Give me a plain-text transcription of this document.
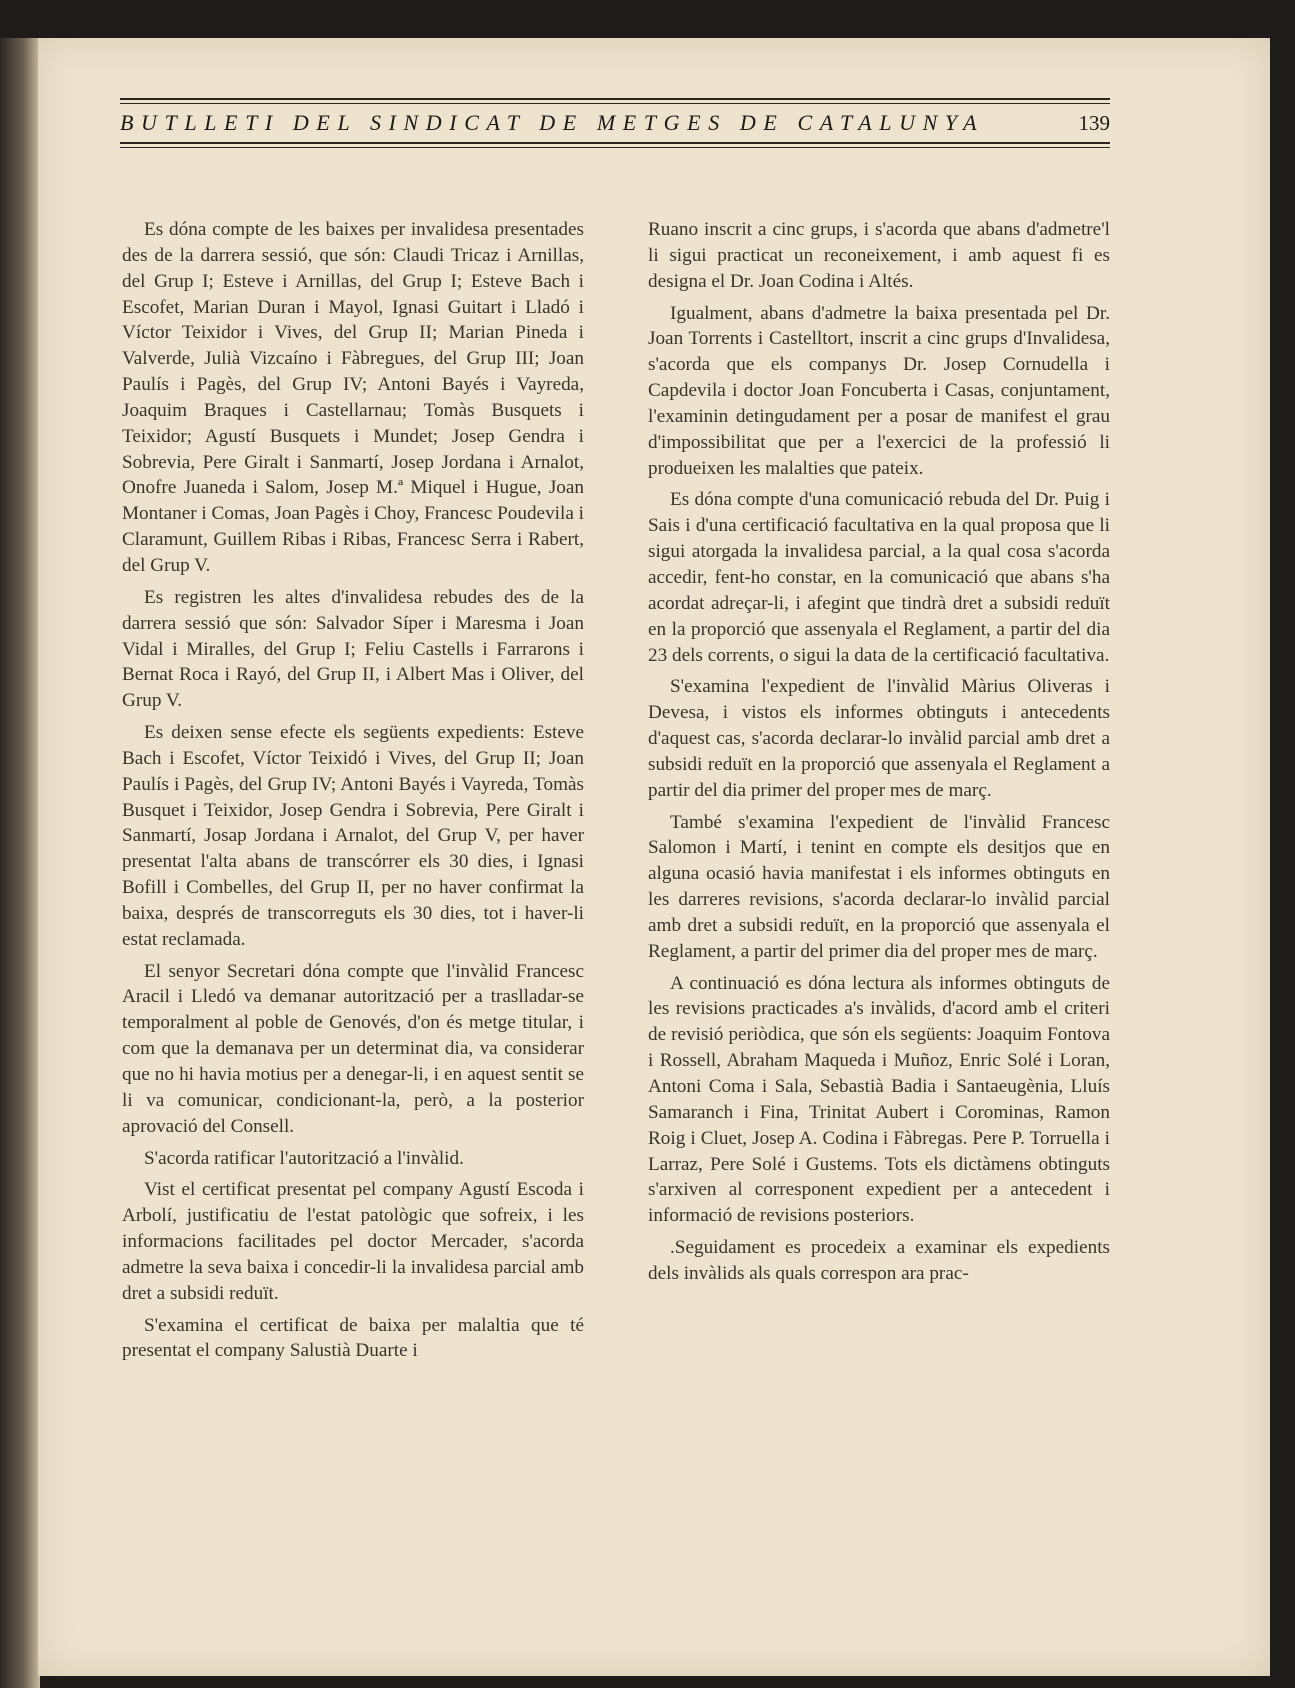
BUTLLETI DEL SINDICAT DE METGES DE CATALUNYA	139

Es dóna compte de les baixes per invalidesa presentades des de la darrera sessió, que són: Claudi Tricaz i Arnillas, del Grup I; Esteve i Arnillas, del Grup I; Esteve Bach i Escofet, Marian Duran i Mayol, Ignasi Guitart i Lladó i Víctor Teixidor i Vives, del Grup II; Marian Pineda i Valverde, Julià Vizcaíno i Fàbregues, del Grup III; Joan Paulís i Pagès, del Grup IV; Antoni Bayés i Vayreda, Joaquim Braques i Castellarnau; Tomàs Busquets i Teixidor; Agustí Busquets i Mundet; Josep Gendra i Sobrevia, Pere Giralt i Sanmartí, Josep Jordana i Arnalot, Onofre Juaneda i Salom, Josep M.ª Miquel i Hugue, Joan Montaner i Comas, Joan Pagès i Choy, Francesc Poudevila i Claramunt, Guillem Ribas i Ribas, Francesc Serra i Rabert, del Grup V.

Es registren les altes d'invalidesa rebudes des de la darrera sessió que són: Salvador Síper i Maresma i Joan Vidal i Miralles, del Grup I; Feliu Castells i Farrarons i Bernat Roca i Rayó, del Grup II, i Albert Mas i Oliver, del Grup V.

Es deixen sense efecte els següents expedients: Esteve Bach i Escofet, Víctor Teixidó i Vives, del Grup II; Joan Paulís i Pagès, del Grup IV; Antoni Bayés i Vayreda, Tomàs Busquet i Teixidor, Josep Gendra i Sobrevia, Pere Giralt i Sanmartí, Josap Jordana i Arnalot, del Grup V, per haver presentat l'alta abans de transcórrer els 30 dies, i Ignasi Bofill i Combelles, del Grup II, per no haver confirmat la baixa, després de transcorreguts els 30 dies, tot i haver-li estat reclamada.

El senyor Secretari dóna compte que l'invàlid Francesc Aracil i Lledó va demanar autorització per a traslladar-se temporalment al poble de Genovés, d'on és metge titular, i com que la demanava per un determinat dia, va considerar que no hi havia motius per a denegar-li, i en aquest sentit se li va comunicar, condicionant-la, però, a la posterior aprovació del Consell.

S'acorda ratificar l'autorització a l'invàlid.

Vist el certificat presentat pel company Agustí Escoda i Arbolí, justificatiu de l'estat patològic que sofreix, i les informacions facilitades pel doctor Mercader, s'acorda admetre la seva baixa i concedir-li la invalidesa parcial amb dret a subsidi reduït.

S'examina el certificat de baixa per malaltia que té presentat el company Salustià Duarte i

Ruano inscrit a cinc grups, i s'acorda que abans d'admetre'l li sigui practicat un reconeixement, i amb aquest fi es designa el Dr. Joan Codina i Altés.

Igualment, abans d'admetre la baixa presentada pel Dr. Joan Torrents i Castelltort, inscrit a cinc grups d'Invalidesa, s'acorda que els companys Dr. Josep Cornudella i Capdevila i doctor Joan Foncuberta i Casas, conjuntament, l'examinin detingudament per a posar de manifest el grau d'impossibilitat que per a l'exercici de la professió li produeixen les malalties que pateix.

Es dóna compte d'una comunicació rebuda del Dr. Puig i Sais i d'una certificació facultativa en la qual proposa que li sigui atorgada la invalidesa parcial, a la qual cosa s'acorda accedir, fent-ho constar, en la comunicació que abans s'ha acordat adreçar-li, i afegint que tindrà dret a subsidi reduït en la proporció que assenyala el Reglament, a partir del dia 23 dels corrents, o sigui la data de la certificació facultativa.

S'examina l'expedient de l'invàlid Màrius Oliveras i Devesa, i vistos els informes obtinguts i antecedents d'aquest cas, s'acorda declarar-lo invàlid parcial amb dret a subsidi reduït en la proporció que assenyala el Reglament a partir del dia primer del proper mes de març.

També s'examina l'expedient de l'invàlid Francesc Salomon i Martí, i tenint en compte els desitjos que en alguna ocasió havia manifestat i els informes obtinguts en les darreres revisions, s'acorda declarar-lo invàlid parcial amb dret a subsidi reduït, en la proporció que assenyala el Reglament, a partir del primer dia del proper mes de març.

A continuació es dóna lectura als informes obtinguts de les revisions practicades a's invàlids, d'acord amb el criteri de revisió periòdica, que són els següents: Joaquim Fontova i Rossell, Abraham Maqueda i Muñoz, Enric Solé i Loran, Antoni Coma i Sala, Sebastià Badia i Santaeugènia, Lluís Samaranch i Fina, Trinitat Aubert i Corominas, Ramon Roig i Cluet, Josep A. Codina i Fàbregas. Pere P. Torruella i Larraz, Pere Solé i Gustems. Tots els dictàmens obtinguts s'arxiven al corresponent expedient per a antecedent i informació de revisions posteriors.

.Seguidament es procedeix a examinar els expedients dels invàlids als quals correspon ara prac-
